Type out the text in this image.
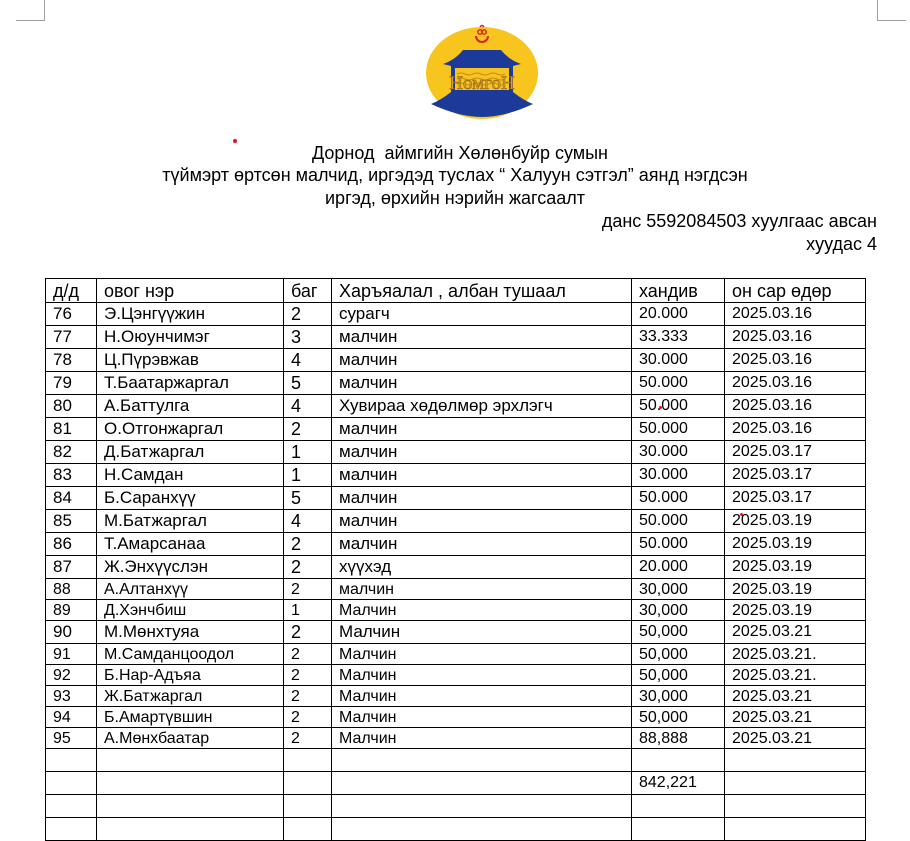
НомгоН
Дорнод  аймгийн Хөлөнбуйр сумын
түймэрт өртсөн малчид, иргэдэд туслах “ Халуун сэтгэл” аянд нэгдсэн
иргэд, өрхийн нэрийн жагсаалт
данс 5592084503 хуулгаас авсан
хуудас 4
д/д	овог нэр	баг	Харъяалал , албан тушаал	хандив	он сар өдөр
76	Э.Цэнгүүжин	2	сурагч	20.000	2025.03.16
77	Н.Оюунчимэг	3	малчин	33.333	2025.03.16
78	Ц.Пүрэвжав	4	малчин	30.000	2025.03.16
79	Т.Баатаржаргал	5	малчин	50.000	2025.03.16
80	А.Баттулга	4	Хувираа хөдөлмөр эрхлэгч	50.000	2025.03.16
81	О.Отгонжаргал	2	малчин	50.000	2025.03.16
82	Д.Батжаргал	1	малчин	30.000	2025.03.17
83	Н.Самдан	1	малчин	30.000	2025.03.17
84	Б.Саранхүү	5	малчин	50.000	2025.03.17
85	М.Батжаргал	4	малчин	50.000	2025.03.19
86	Т.Амарсанаа	2	малчин	50.000	2025.03.19
87	Ж.Энхүүслэн	2	хүүхэд	20.000	2025.03.19
88	А.Алтанхүү	2	малчин	30,000	2025.03.19
89	Д.Хэнчбиш	1	Малчин	30,000	2025.03.19
90	М.Мөнхтуяа	2	Малчин	50,000	2025.03.21
91	М.Самданцоодол	2	Малчин	50,000	2025.03.21.
92	Б.Нар-Адъяа	2	Малчин	50,000	2025.03.21.
93	Ж.Батжаргал	2	Малчин	30,000	2025.03.21
94	Б.Амартүвшин	2	Малчин	50,000	2025.03.21
95	А.Мөнхбаатар	2	Малчин	88,888	2025.03.21

				842,221	
